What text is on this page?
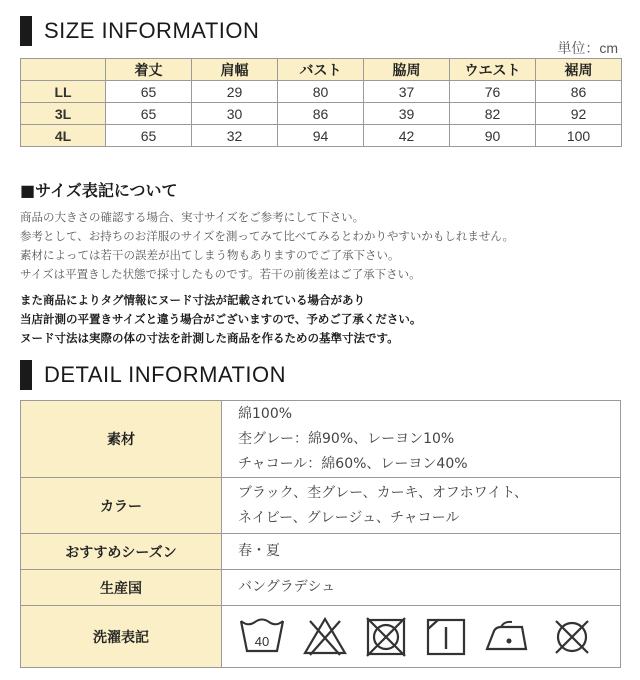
SIZE INFORMATION
単位：cm
	着丈	肩幅	バスト	脇周	ウエスト	裾周
LL	65	29	80	37	76	86
3L	65	30	86	39	82	92
4L	65	32	94	42	90	100
■サイズ表記について
商品の大きさの確認する場合、実寸サイズをご参考にして下さい。
参考として、お持ちのお洋服のサイズを測ってみて比べてみるとわかりやすいかもしれません。
素材によっては若干の誤差が出てしまう物もありますのでご了承下さい。
サイズは平置きした状態で採寸したものです。若干の前後差はご了承下さい。
また商品によりタグ情報にヌード寸法が記載されている場合があり
当店計測の平置きサイズと違う場合がございますので、予めご了承ください。
ヌード寸法は実際の体の寸法を計測した商品を作るための基準寸法です。
DETAIL INFORMATION
素材	綿100%
杢グレー：綿90%、レーヨン10%
チャコール：綿60%、レーヨン40%

カラー	ブラック、杢グレー、カーキ、オフホワイト、
ネイビー、グレージュ、チャコール

おすすめシーズン	春・夏

生産国	バングラデシュ

洗濯表記	40
